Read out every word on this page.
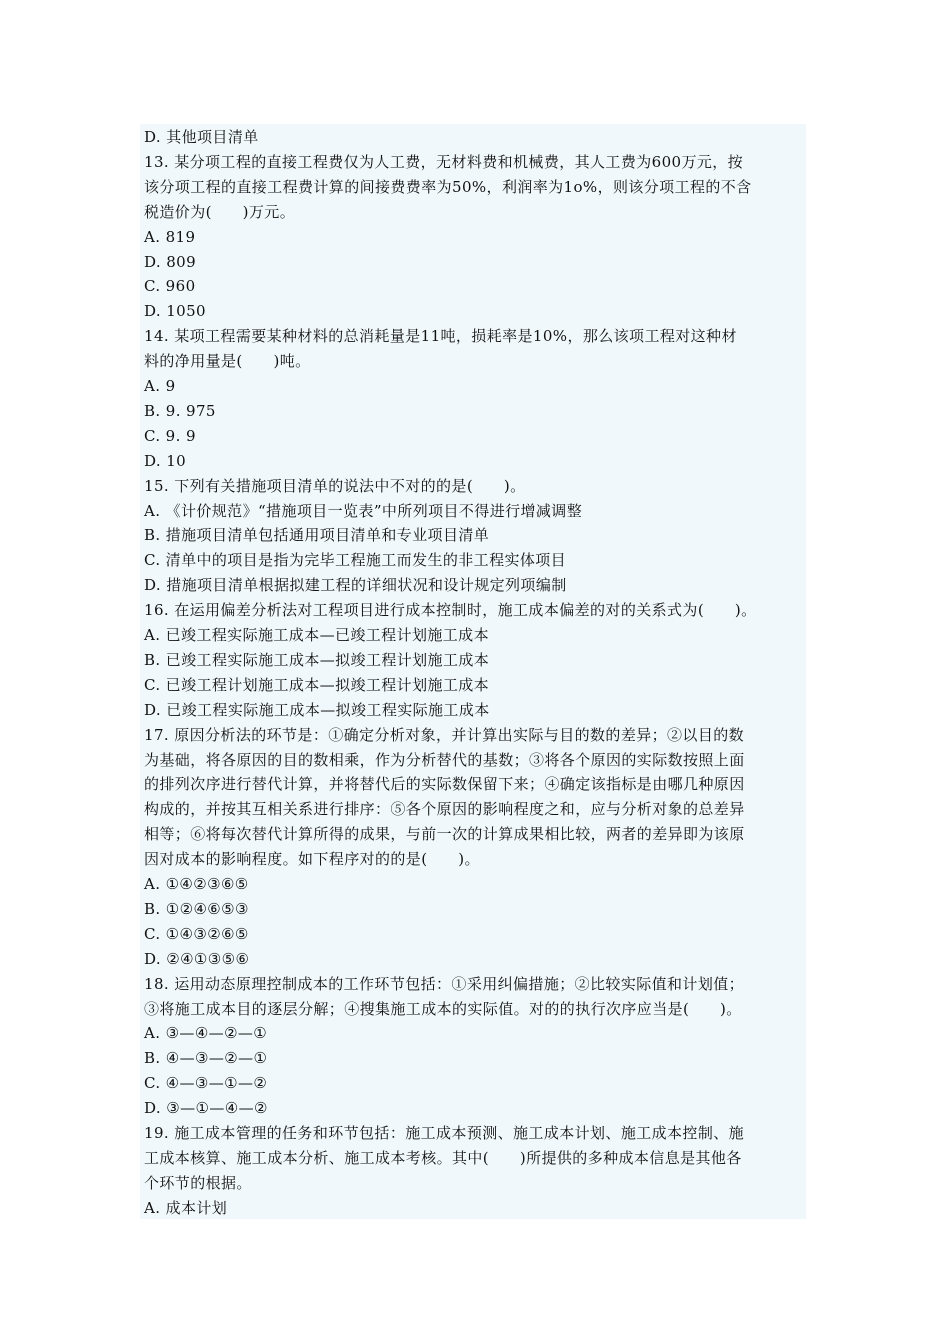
D. 其他项目清单
13. 某分项工程的直接工程费仅为人工费，无材料费和机械费，其人工费为600万元，按
该分项工程的直接工程费计算的间接费费率为50%，利润率为1o%，则该分项工程的不含
税造价为(　　)万元。
A. 819
D. 809
C. 960
D. 1050
14. 某项工程需要某种材料的总消耗量是11吨，损耗率是10%，那么该项工程对这种材
料的净用量是(　　)吨。
A. 9
B. 9. 975
C. 9. 9
D. 10
15. 下列有关措施项目清单的说法中不对的的是(　　)。
A. 《计价规范》“措施项目一览表”中所列项目不得进行增减调整
B. 措施项目清单包括通用项目清单和专业项目清单
C. 清单中的项目是指为完毕工程施工而发生的非工程实体项目
D. 措施项目清单根据拟建工程的详细状况和设计规定列项编制
16. 在运用偏差分析法对工程项目进行成本控制时，施工成本偏差的对的关系式为(　　)。
A. 已竣工程实际施工成本—已竣工程计划施工成本
B. 已竣工程实际施工成本—拟竣工程计划施工成本
C. 已竣工程计划施工成本—拟竣工程计划施工成本
D. 已竣工程实际施工成本—拟竣工程实际施工成本
17. 原因分析法的环节是：①确定分析对象，并计算出实际与目的数的差异；②以目的数
为基础，将各原因的目的数相乘，作为分析替代的基数；③将各个原因的实际数按照上面
的排列次序进行替代计算，并将替代后的实际数保留下来；④确定该指标是由哪几种原因
构成的，并按其互相关系进行排序：⑤各个原因的影响程度之和，应与分析对象的总差异
相等；⑥将每次替代计算所得的成果，与前一次的计算成果相比较，两者的差异即为该原
因对成本的影响程度。如下程序对的的是(　　)。
A. ①④②③⑥⑤
B. ①②④⑥⑤③
C. ①④③②⑥⑤
D. ②④①③⑤⑥
18. 运用动态原理控制成本的工作环节包括：①采用纠偏措施；②比较实际值和计划值；
③将施工成本目的逐层分解；④搜集施工成本的实际值。对的的执行次序应当是(　　)。
A. ③—④—②—①
B. ④—③—②—①
C. ④—③—①—②
D. ③—①—④—②
19. 施工成本管理的任务和环节包括：施工成本预测、施工成本计划、施工成本控制、施
工成本核算、施工成本分析、施工成本考核。其中(　　)所提供的多种成本信息是其他各
个环节的根据。
A. 成本计划
